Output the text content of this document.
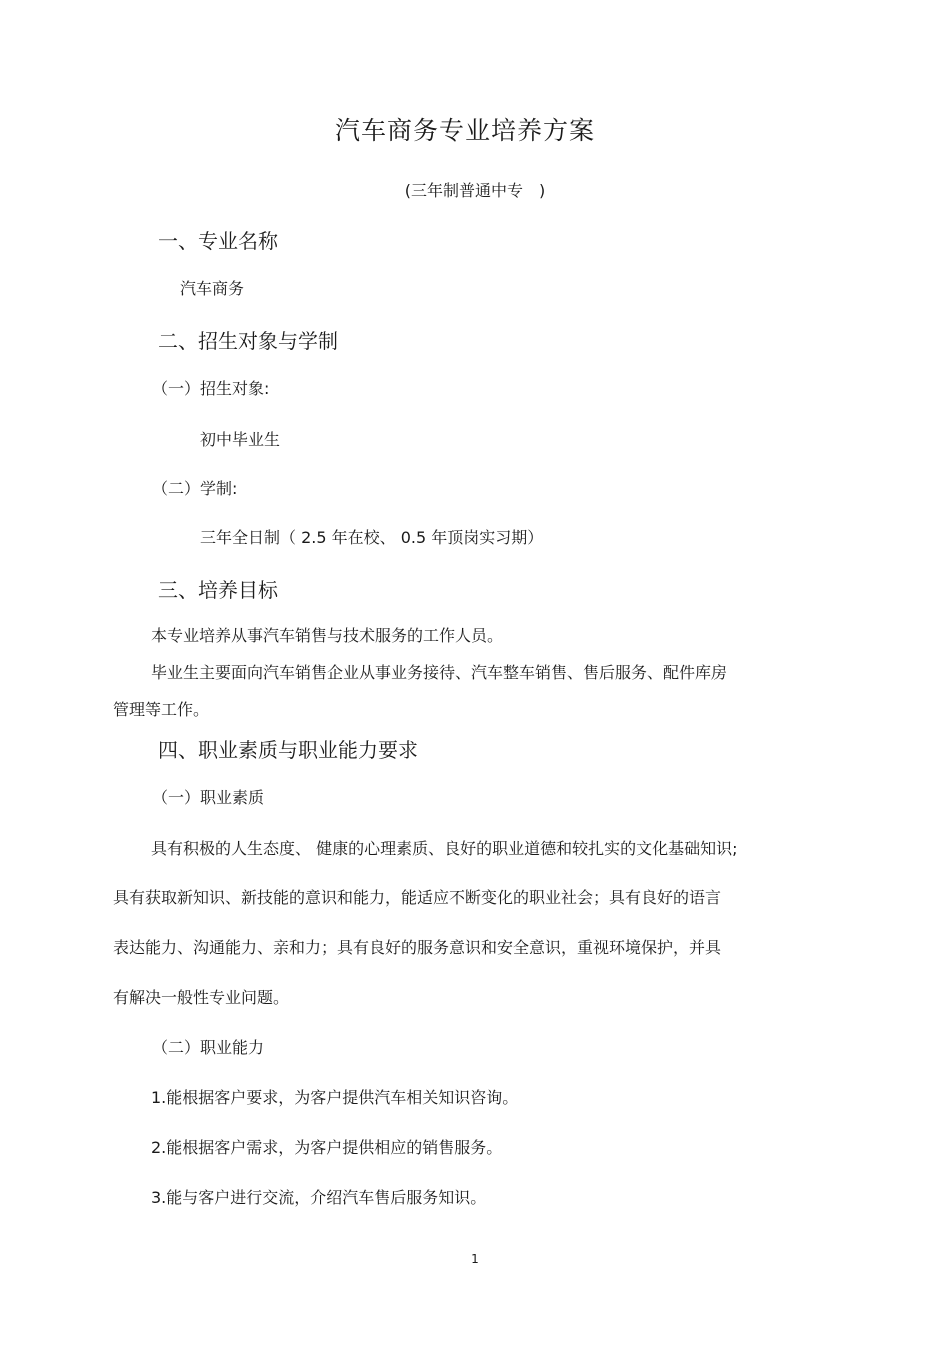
汽车商务专业培养方案
(三年制普通中专　)
一、专业名称
汽车商务
二、招生对象与学制
（一）招生对象:
初中毕业生
（二）学制:
三年全日制（ 2.5 年在校、 0.5 年顶岗实习期）
三、培养目标
本专业培养从事汽车销售与技术服务的工作人员。
毕业生主要面向汽车销售企业从事业务接待、汽车整车销售、售后服务、配件库房
管理等工作。
四、职业素质与职业能力要求
（一）职业素质
具有积极的人生态度、 健康的心理素质、良好的职业道德和较扎实的文化基础知识;
具有获取新知识、新技能的意识和能力，能适应不断变化的职业社会；具有良好的语言
表达能力、沟通能力、亲和力；具有良好的服务意识和安全意识，重视环境保护，并具
有解决一般性专业问题。
（二）职业能力
1.能根据客户要求，为客户提供汽车相关知识咨询。
2.能根据客户需求，为客户提供相应的销售服务。
3.能与客户进行交流，介绍汽车售后服务知识。
1
